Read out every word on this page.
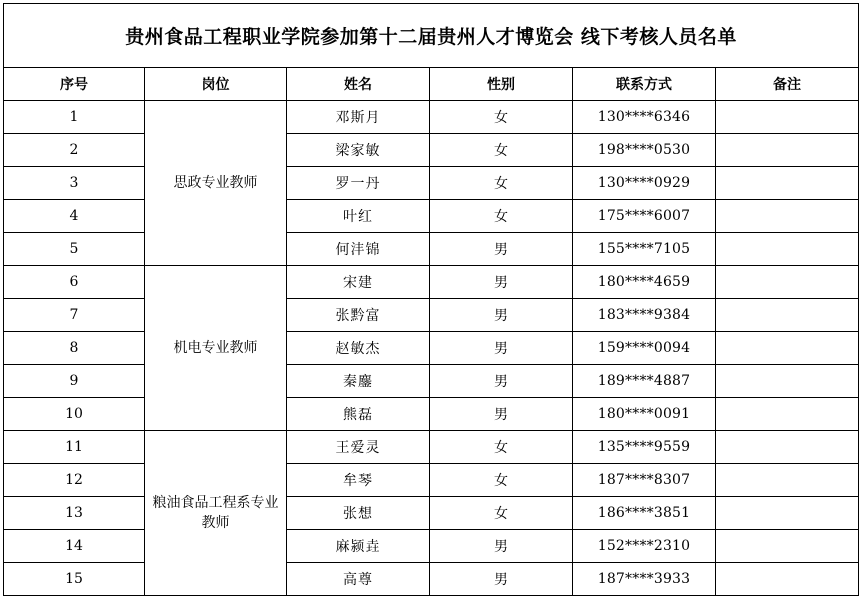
贵州食品工程职业学院参加第十二届贵州人才博览会 线下考核人员名单					
序号	岗位	姓名	性别	联系方式	备注
1	思政专业教师	邓斯月	女	130****6346	
2		梁家敏	女	198****0530	
3		罗一丹	女	130****0929	
4		叶红	女	175****6007	
5		何沣锦	男	155****7105	
6	机电专业教师	宋建	男	180****4659	
7		张黔富	男	183****9384	
8		赵敏杰	男	159****0094	
9		秦鏖	男	189****4887	
10		熊磊	男	180****0091	
11	粮油食品工程系专业教师	王爱灵	女	135****9559	
12		牟琴	女	187****8307	
13		张想	女	186****3851	
14		麻颍垚	男	152****2310	
15		高尊	男	187****3933	
